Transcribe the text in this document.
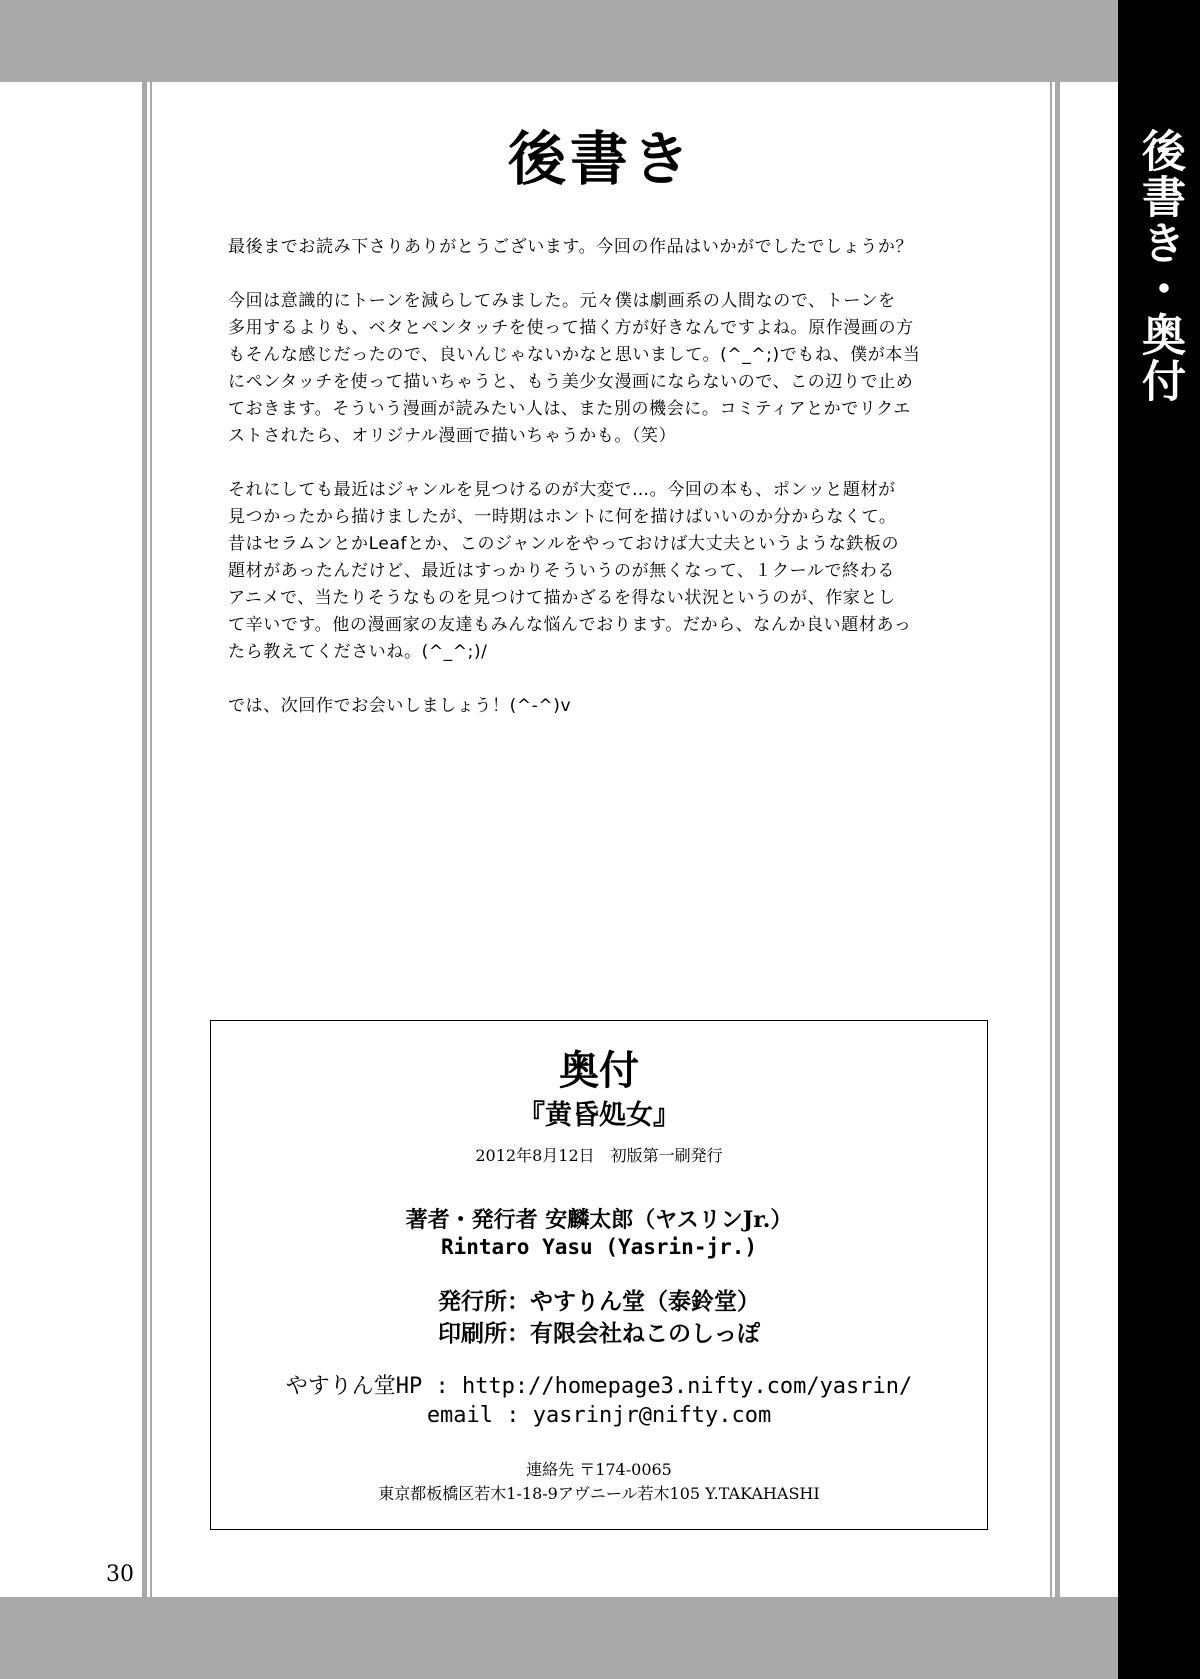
後書き・奥付
後書き

最後までお読み下さりありがとうございます。今回の作品はいかがでしたでしょうか？

今回は意識的にトーンを減らしてみました。元々僕は劇画系の人間なので、トーンを
多用するよりも、ベタとペンタッチを使って描く方が好きなんですよね。原作漫画の方
もそんな感じだったので、良いんじゃないかなと思いまして。(^_^;)でもね、僕が本当
にペンタッチを使って描いちゃうと、もう美少女漫画にならないので、この辺りで止め
ておきます。そういう漫画が読みたい人は、また別の機会に。コミティアとかでリクエ
ストされたら、オリジナル漫画で描いちゃうかも。（笑）

それにしても最近はジャンルを見つけるのが大変で…。今回の本も、ポンッと題材が
見つかったから描けましたが、一時期はホントに何を描けばいいのか分からなくて。
昔はセラムンとかLeafとか、このジャンルをやっておけば大丈夫というような鉄板の
題材があったんだけど、最近はすっかりそういうのが無くなって、１クールで終わる
アニメで、当たりそうなものを見つけて描かざるを得ない状況というのが、作家とし
て辛いです。他の漫画家の友達もみんな悩んでおります。だから、なんか良い題材あっ
たら教えてくださいね。(^_^;)/

では、次回作でお会いしましょう！(^-^)v

奥付
『黄昏処女』
2012年8月12日　初版第一刷発行
著者・発行者 安麟太郎（ヤスリンJr.）
Rintaro Yasu (Yasrin-jr.)
発行所：やすりん堂（泰鈴堂）
印刷所：有限会社ねこのしっぽ
やすりん堂HP : http://homepage3.nifty.com/yasrin/
email : yasrinjr@nifty.com
連絡先 〒174-0065
東京都板橋区若木1-18-9アヴニール若木105 Y.TAKAHASHI
30
